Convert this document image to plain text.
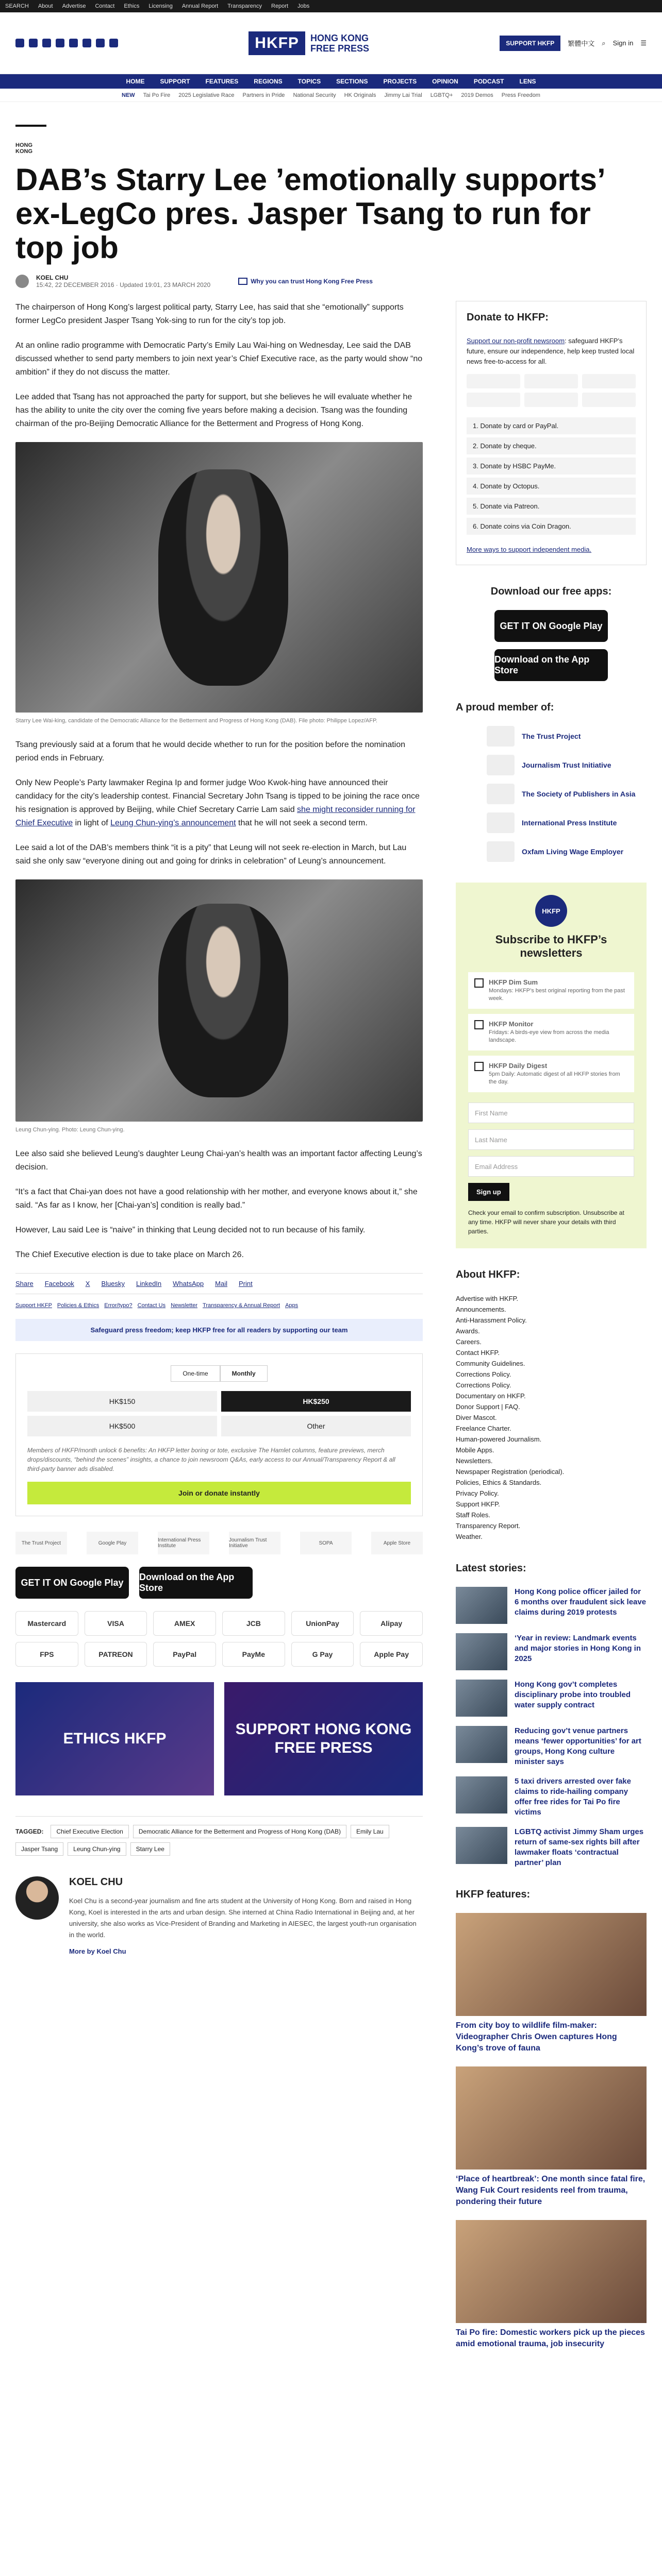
SEARCH About Advertise Contact Ethics Licensing Annual Report Transparency Report Jobs
HKFP	HONG KONG
FREE PRESS	SUPPORT HKFP	繁體中文 ⌕ Sign in ☰
HOME	SUPPORT	FEATURES	REGIONS	TOPICS	SECTIONS	PROJECTS	OPINION	PODCAST	LENS
NEW Tai Po Fire 2025 Legislative Race Partners in Pride National Security HK Originals Jimmy Lai Trial LGBTQ+ 2019 Demos Press Freedom
HONG KONG
DAB’s Starry Lee ’emotionally supports’ ex-LegCo pres. Jasper Tsang to run for top job
KOEL CHU
15:42, 22 DECEMBER 2016 · Updated 19:01, 23 MARCH 2020	Why you can trust Hong Kong Free Press

The chairperson of Hong Kong’s largest political party, Starry Lee, has said that she “emotionally” supports former LegCo president Jasper Tsang Yok-sing to run for the city’s top job.

At an online radio programme with Democratic Party’s Emily Lau Wai-hing on Wednesday, Lee said the DAB discussed whether to send party members to join next year’s Chief Executive race, as the party would show “no ambition” if they do not discuss the matter.

Lee added that Tsang has not approached the party for support, but she believes he will evaluate whether he has the ability to unite the city over the coming five years before making a decision. Tsang was the founding chairman of the pro-Beijing Democratic Alliance for the Betterment and Progress of Hong Kong.

Starry Lee Wai-king, candidate of the Democratic Alliance for the Betterment and Progress of Hong Kong (DAB). File photo: Philippe Lopez/AFP.

Tsang previously said at a forum that he would decide whether to run for the position before the nomination period ends in February.

Only New People’s Party lawmaker Regina Ip and former judge Woo Kwok-hing have announced their candidacy for the city’s leadership contest. Financial Secretary John Tsang is tipped to be joining the race once his resignation is approved by Beijing, while Chief Secretary Carrie Lam said she might reconsider running for Chief Executive in light of Leung Chun-ying’s announcement that he will not seek a second term.

Lee said a lot of the DAB’s members think “it is a pity” that Leung will not seek re-election in March, but Lau said she only saw “everyone dining out and going for drinks in celebration” of Leung’s announcement.

Leung Chun-ying. Photo: Leung Chun-ying.

Lee also said she believed Leung’s daughter Leung Chai-yan’s health was an important factor affecting Leung’s decision.

“It’s a fact that Chai-yan does not have a good relationship with her mother, and everyone knows about it,” she said. “As far as I know, her [Chai-yan’s] condition is really bad.”

However, Lau said Lee is “naive” in thinking that Leung decided not to run because of his family.

The Chief Executive election is due to take place on March 26.

Share Facebook X Bluesky LinkedIn WhatsApp Mail Print
Support HKFP Policies & Ethics Error/typo? Contact Us Newsletter Transparency & Annual Report Apps
Safeguard press freedom; keep HKFP free for all readers by supporting our team
One-time	Monthly
HK$150	HK$250
HK$500	Other
Members of HKFP/month unlock 6 benefits: An HKFP letter boring or tote, exclusive The Hamlet columns, feature previews, merch drops/discounts, “behind the scenes” insights, a chance to join newsroom Q&As, early access to our Annual/Transparency Report & all third-party banner ads disabled.
Join or donate instantly
The Trust Project	Google Play	International Press Institute
Journalism Trust Initiative	SOPA	Apple Store
GET IT ON Google Play
Download on the App Store
Mastercard	VISA	AMEX	JCB	UnionPay	Alipay
FPS	PATREON	PayPal	PayMe	G Pay	Apple Pay
ETHICS HKFP
SUPPORT HONG KONG FREE PRESS
TAGGED:	Chief Executive Election	Democratic Alliance for the Betterment and Progress of Hong Kong (DAB)	Emily Lau
Jasper Tsang	Leung Chun-ying	Starry Lee
KOEL CHU

Koel Chu is a second-year journalism and fine arts student at the University of Hong Kong. Born and raised in Hong Kong, Koel is interested in the arts and urban design. She interned at China Radio International in Beijing and, at her university, she also works as Vice-President of Branding and Marketing in AIESEC, the largest youth-run organisation in the world.

More by Koel Chu
Donate to HKFP:

Support our non-profit newsroom: safeguard HKFP’s future, ensure our independence, help keep trusted local news free-to-access for all.

1. Donate by card or PayPal.
2. Donate by cheque.
3. Donate by HSBC PayMe.
4. Donate by Octopus.
5. Donate via Patreon.
6. Donate coins via Coin Dragon.
More ways to support independent media.
Download our free apps:
GET IT ON Google Play
Download on the App Store
A proud member of:
The Trust Project
Journalism Trust Initiative
The Society of Publishers in Asia
International Press Institute
Oxfam Living Wage Employer
HKFP
Subscribe to HKFP’s newsletters
HKFP Dim Sum
Mondays: HKFP’s best original reporting from the past week.
HKFP Monitor
Fridays: A birds-eye view from across the media landscape.
HKFP Daily Digest
5pm Daily: Automatic digest of all HKFP stories from the day.
First Name
Last Name
Email Address
Sign up
Check your email to confirm subscription. Unsubscribe at any time. HKFP will never share your details with third parties.
About HKFP:
Advertise with HKFP.
Announcements.
Anti-Harassment Policy.
Awards.
Careers.
Contact HKFP.
Community Guidelines.
Corrections Policy.
Corrections Policy.
Documentary on HKFP.
Donor Support | FAQ.
Diver Mascot.
Freelance Charter.
Human-powered Journalism.
Mobile Apps.
Newsletters.
Newspaper Registration (periodical).
Policies, Ethics & Standards.
Privacy Policy.
Support HKFP.
Staff Roles.
Transparency Report.
Weather.
Latest stories:
Hong Kong police officer jailed for 6 months over fraudulent sick leave claims during 2019 protests
‘Year in review: Landmark events and major stories in Hong Kong in 2025
Hong Kong gov’t completes disciplinary probe into troubled water supply contract
Reducing gov’t venue partners means ‘fewer opportunities’ for art groups, Hong Kong culture minister says
5 taxi drivers arrested over fake claims to ride-hailing company offer free rides for Tai Po fire victims
LGBTQ activist Jimmy Sham urges return of same-sex rights bill after lawmaker floats ‘contractual partner’ plan
HKFP features:
From city boy to wildlife film-maker: Videographer Chris Owen captures Hong Kong’s trove of fauna
‘Place of heartbreak’: One month since fatal fire, Wang Fuk Court residents reel from trauma, pondering their future
Tai Po fire: Domestic workers pick up the pieces amid emotional trauma, job insecurity
